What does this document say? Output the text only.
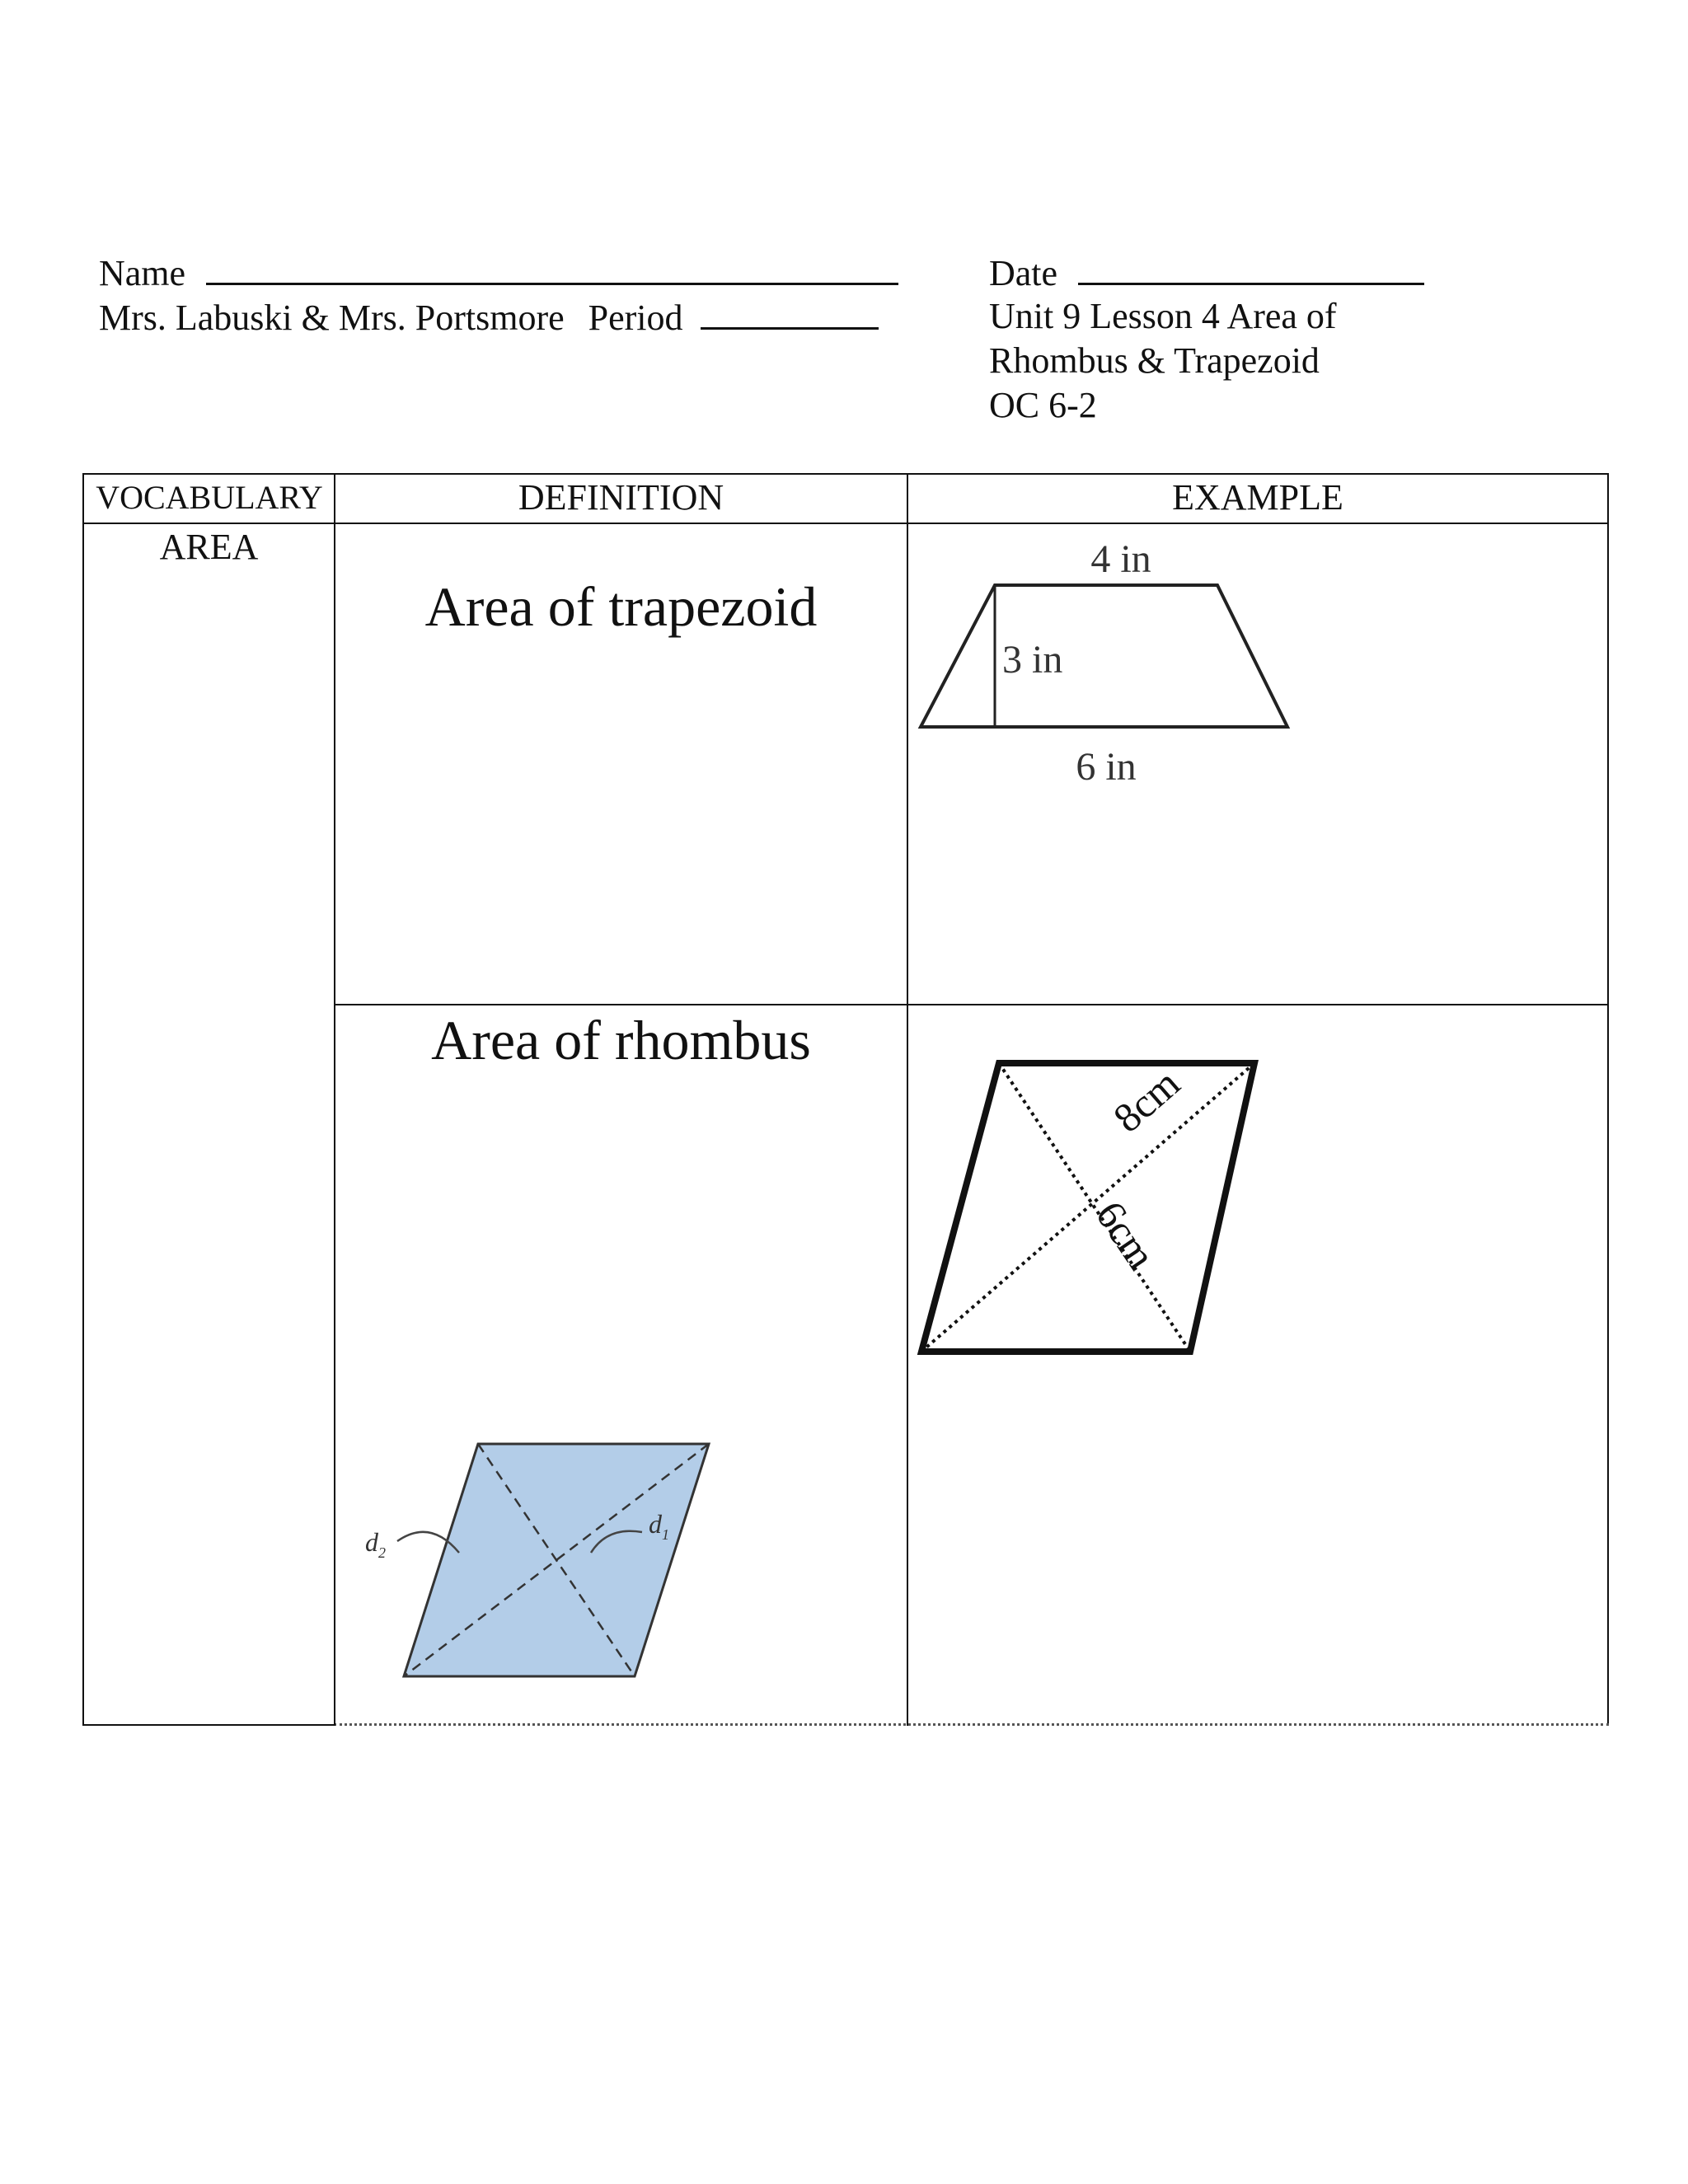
Name
Mrs. Labuski & Mrs. Portsmore Period
Date
Unit 9 Lesson 4 Area of
Rhombus & Trapezoid
OC 6-2
VOCABULARY	DEFINITION	EXAMPLE
AREA
Area of trapezoid
Area of rhombus
4 in
3 in
6 in
8cm
6cm
$d_2$
$d_1$
